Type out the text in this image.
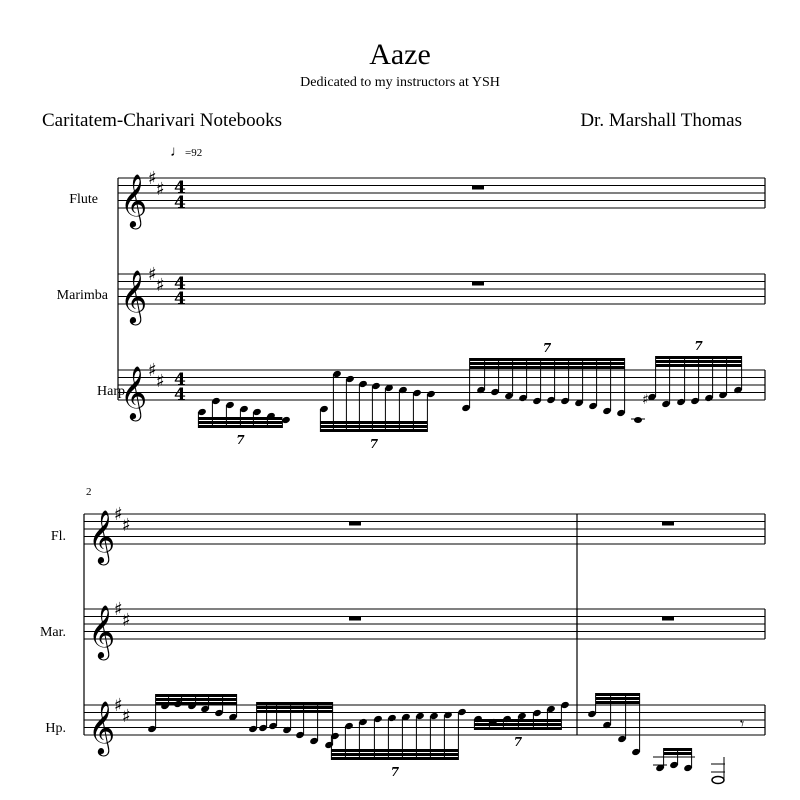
Aaze
Dedicated to my instructors at YSH
Caritatem-Charivari Notebooks	Dr. Marshall Thomas
♩=92
Flute
Marimba
Harp
2
Fl.
Mar.
Hp.
𝄞 ♯
♯ 4
4
𝄞 ♯
♯ 4
4
𝄞 ♯
♯ 4
4
7	7
7	7
♯
𝄞
♯
♯
𝄞
♯
♯
𝄞
♯
♯
7
7
𝄾
